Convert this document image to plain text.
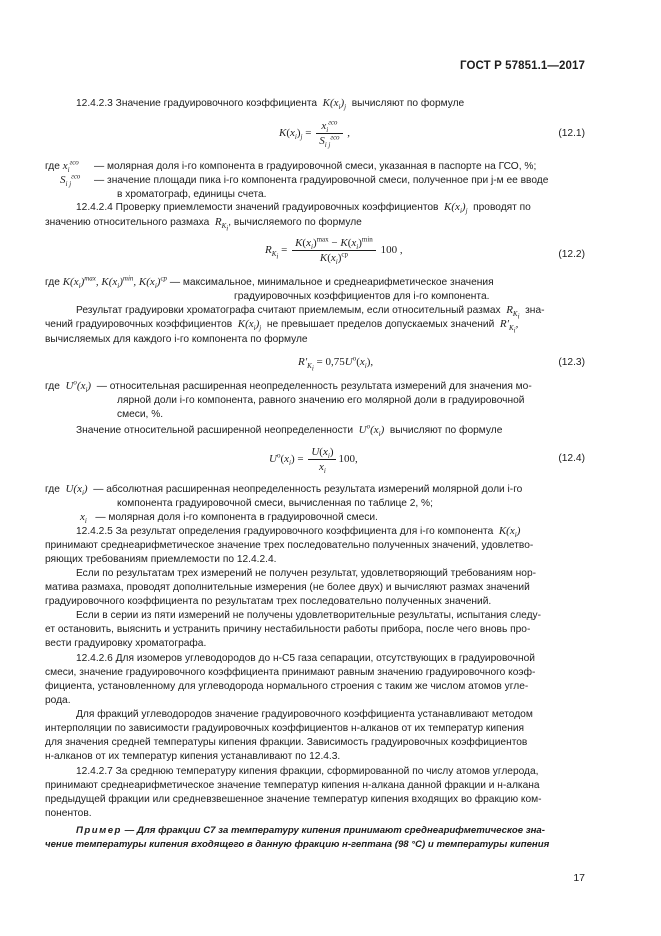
ГОСТ Р 57851.1—2017
12.4.2.3 Значение градуировочного коэффициента  $K(x_i)_j$ вычисляют по формуле
$K(x_i)_j = \frac{x_i^{гсо}}{S_{i j}^{гсо}}$ ,	(12.1)
где $x_i^{гсо}$ — молярная доля i-го компонента в градуировочной смеси, указанная в паспорте на ГСО, %;
$S_{i j}^{гсо}$ — значение площади пика i-го компонента градуировочной смеси, полученное при j-м ее вводе
в хроматограф, единицы счета.
12.4.2.4 Проверку приемлемости значений градуировочных коэффициентов  $K(x_i)_j$ проводят по
значению относительного размаха  $R_{K_i}$, вычисляемого по формуле
$R_{K_i} = \frac{K(x_i)^{max} - K(x_i)^{min}}{K(x_i)^{ср}} 100$ ,	(12.2)
где $K(x_i)^{max}$, $K(x_i)^{min}$, $K(x_i)^{ср}$ — максимальное, минимальное и среднеарифметическое значения
градуировочных коэффициентов для i-го компонента.
Результат градуировки хроматографа считают приемлемым, если относительный размах  $R_{K_i}$  зна-
чений градуировочных коэффициентов  $K(x_i)_j$ не превышает пределов допускаемых значений  $R'_{K_i}$,
вычисляемых для каждого i-го компонента по формуле
$R'_{K_i} = 0,75U^o(x_i)$,	(12.3)
где  $U^o(x_i)$  — относительная расширенная неопределенность результата измерений для значения мо-
лярной доли i-го компонента, равного значению его молярной доли в градуировочной
смеси, %.
Значение относительной расширенной неопределенности  $U^o(x_i)$  вычисляют по формуле
$U^o(x_i) = \frac{U(x_i)}{x_i} 100$,	(12.4)
где  $U(x_i)$  — абсолютная расширенная неопределенность результата измерений молярной доли i-го
компонента градуировочной смеси, вычисленная по таблице 2, %;
$x_i$ — молярная доля i-го компонента в градуировочной смеси.
12.4.2.5 За результат определения градуировочного коэффициента для i-го компонента  $K(x_i)$
принимают среднеарифметическое значение трех последовательно полученных значений, удовлетво-
ряющих требованиям приемлемости по 12.4.2.4.
Если по результатам трех измерений не получен результат, удовлетворяющий требованиям нор-
матива размаха, проводят дополнительные измерения (не более двух) и вычисляют размах значений
градуировочного коэффициента по результатам трех последовательно полученных значений.
Если в серии из пяти измерений не получены удовлетворительные результаты, испытания следу-
ет остановить, выяснить и устранить причину нестабильности работы прибора, после чего вновь про-
вести градуировку хроматографа.
12.4.2.6 Для изомеров углеводородов до н-C5 газа сепарации, отсутствующих в градуировочной
смеси, значение градуировочного коэффициента принимают равным значению градуировочного коэф-
фициента, установленному для углеводорода нормального строения с таким же числом атомов угле-
рода.
Для фракций углеводородов значение градуировочного коэффициента устанавливают методом
интерполяции по зависимости градуировочных коэффициентов н-алканов от их температур кипения
для значения средней температуры кипения фракции. Зависимость градуировочных коэффициентов
н-алканов от их температур кипения устанавливают по 12.4.3.
12.4.2.7 За среднюю температуру кипения фракции, сформированной по числу атомов углерода,
принимают среднеарифметическое значение температур кипения н-алкана данной фракции и н-алкана
предыдущей фракции или средневзвешенное значение температур кипения входящих во фракцию ком-
понентов.
Пример — Для фракции C7 за температуру кипения принимают среднеарифметическое зна-
чение температуры кипения входящего в данную фракцию н-гептана (98 °С) и температуры кипения
17
